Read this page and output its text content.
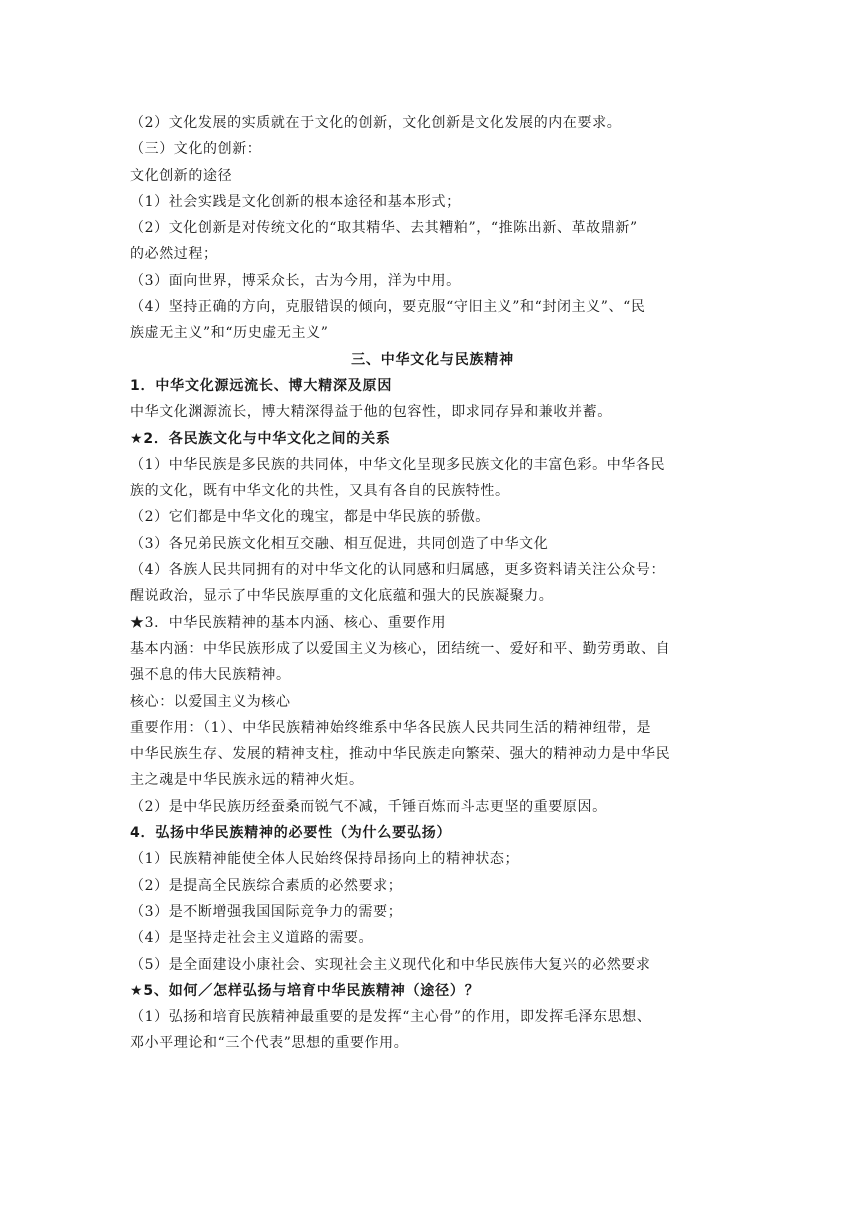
（2）文化发展的实质就在于文化的创新，文化创新是文化发展的内在要求。
（三）文化的创新：
文化创新的途径
（1）社会实践是文化创新的根本途径和基本形式；
（2）文化创新是对传统文化的“取其精华、去其糟粕”，“推陈出新、革故鼎新”
的必然过程；
（3）面向世界，博采众长，古为今用，洋为中用。
（4）坚持正确的方向，克服错误的倾向，要克服“守旧主义”和“封闭主义”、“民
族虚无主义”和“历史虚无主义”
三、中华文化与民族精神
1．中华文化源远流长、博大精深及原因
中华文化渊源流长，博大精深得益于他的包容性，即求同存异和兼收并蓄。
★2．各民族文化与中华文化之间的关系
（1）中华民族是多民族的共同体，中华文化呈现多民族文化的丰富色彩。中华各民
族的文化，既有中华文化的共性，又具有各自的民族特性。
（2）它们都是中华文化的瑰宝，都是中华民族的骄傲。
（3）各兄弟民族文化相互交融、相互促进，共同创造了中华文化
（4）各族人民共同拥有的对中华文化的认同感和归属感，更多资料请关注公众号：
醒说政治，显示了中华民族厚重的文化底蕴和强大的民族凝聚力。
★3．中华民族精神的基本内涵、核心、重要作用
基本内涵：中华民族形成了以爱国主义为核心，团结统一、爱好和平、勤劳勇敢、自
强不息的伟大民族精神。
核心：以爱国主义为核心
重要作用：（1）、中华民族精神始终维系中华各民族人民共同生活的精神纽带，是
中华民族生存、发展的精神支柱，推动中华民族走向繁荣、强大的精神动力是中华民
主之魂是中华民族永远的精神火炬。
（2）是中华民族历经蚕桑而锐气不减，千锤百炼而斗志更坚的重要原因。
4．弘扬中华民族精神的必要性（为什么要弘扬）
（1）民族精神能使全体人民始终保持昂扬向上的精神状态；
（2）是提高全民族综合素质的必然要求；
（3）是不断增强我国国际竞争力的需要；
（4）是坚持走社会主义道路的需要。
（5）是全面建设小康社会、实现社会主义现代化和中华民族伟大复兴的必然要求
★5、如何／怎样弘扬与培育中华民族精神（途径）？
（1）弘扬和培育民族精神最重要的是发挥“主心骨”的作用，即发挥毛泽东思想、
邓小平理论和“三个代表”思想的重要作用。
